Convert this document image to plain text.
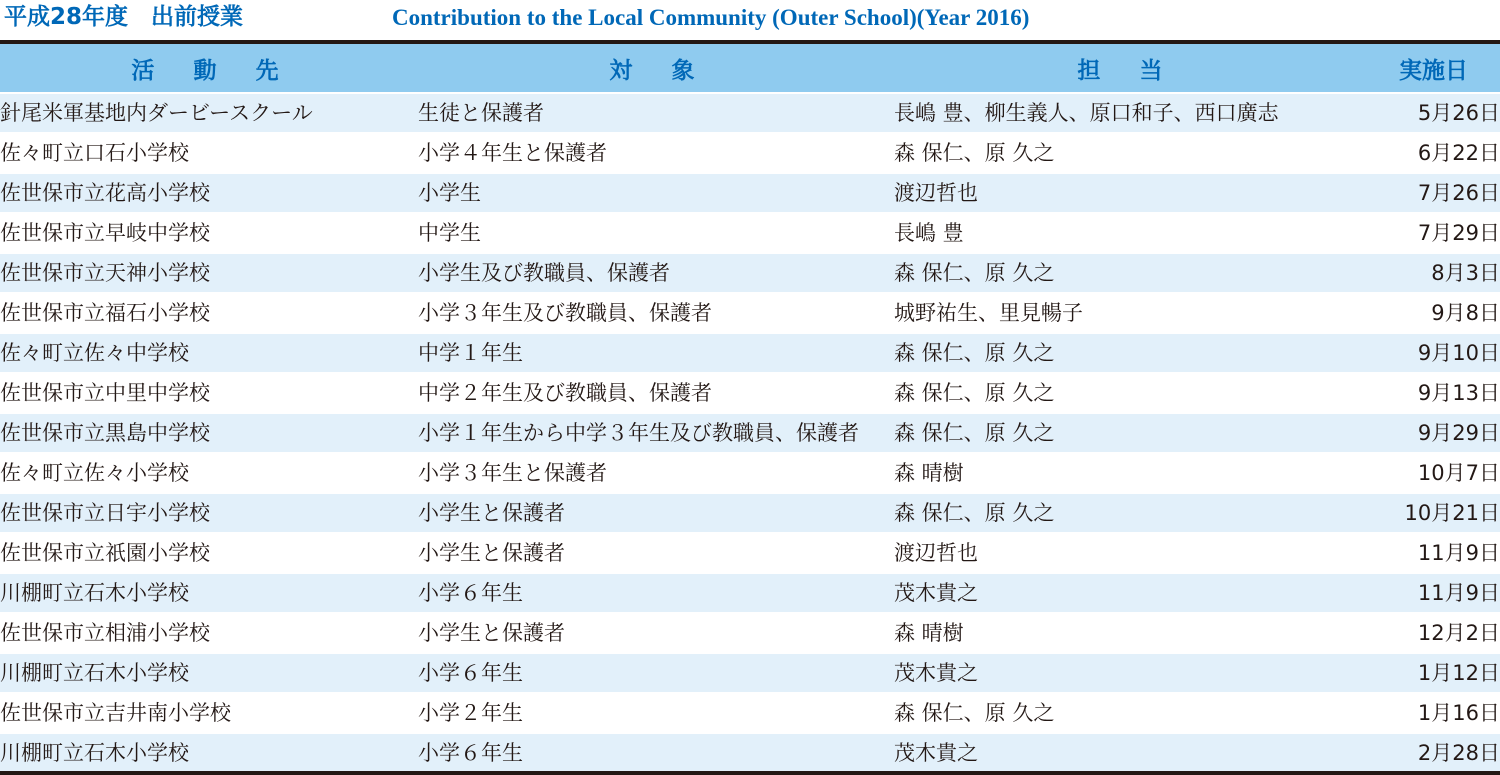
平成28年度　出前授業	Contribution to the Local Community (Outer School)(Year 2016)
活　動　先	対　象	担　当	実施日
針尾米軍基地内ダービースクール	生徒と保護者	長嶋 豊、柳生義人、原口和子、西口廣志	5月26日
佐々町立口石小学校	小学４年生と保護者	森 保仁、原 久之	6月22日
佐世保市立花高小学校	小学生	渡辺哲也	7月26日
佐世保市立早岐中学校	中学生	長嶋 豊	7月29日
佐世保市立天神小学校	小学生及び教職員、保護者	森 保仁、原 久之	8月3日
佐世保市立福石小学校	小学３年生及び教職員、保護者	城野祐生、里見暢子	9月8日
佐々町立佐々中学校	中学１年生	森 保仁、原 久之	9月10日
佐世保市立中里中学校	中学２年生及び教職員、保護者	森 保仁、原 久之	9月13日
佐世保市立黒島中学校	小学１年生から中学３年生及び教職員、保護者	森 保仁、原 久之	9月29日
佐々町立佐々小学校	小学３年生と保護者	森 晴樹	10月7日
佐世保市立日宇小学校	小学生と保護者	森 保仁、原 久之	10月21日
佐世保市立祇園小学校	小学生と保護者	渡辺哲也	11月9日
川棚町立石木小学校	小学６年生	茂木貴之	11月9日
佐世保市立相浦小学校	小学生と保護者	森 晴樹	12月2日
川棚町立石木小学校	小学６年生	茂木貴之	1月12日
佐世保市立吉井南小学校	小学２年生	森 保仁、原 久之	1月16日
川棚町立石木小学校	小学６年生	茂木貴之	2月28日
